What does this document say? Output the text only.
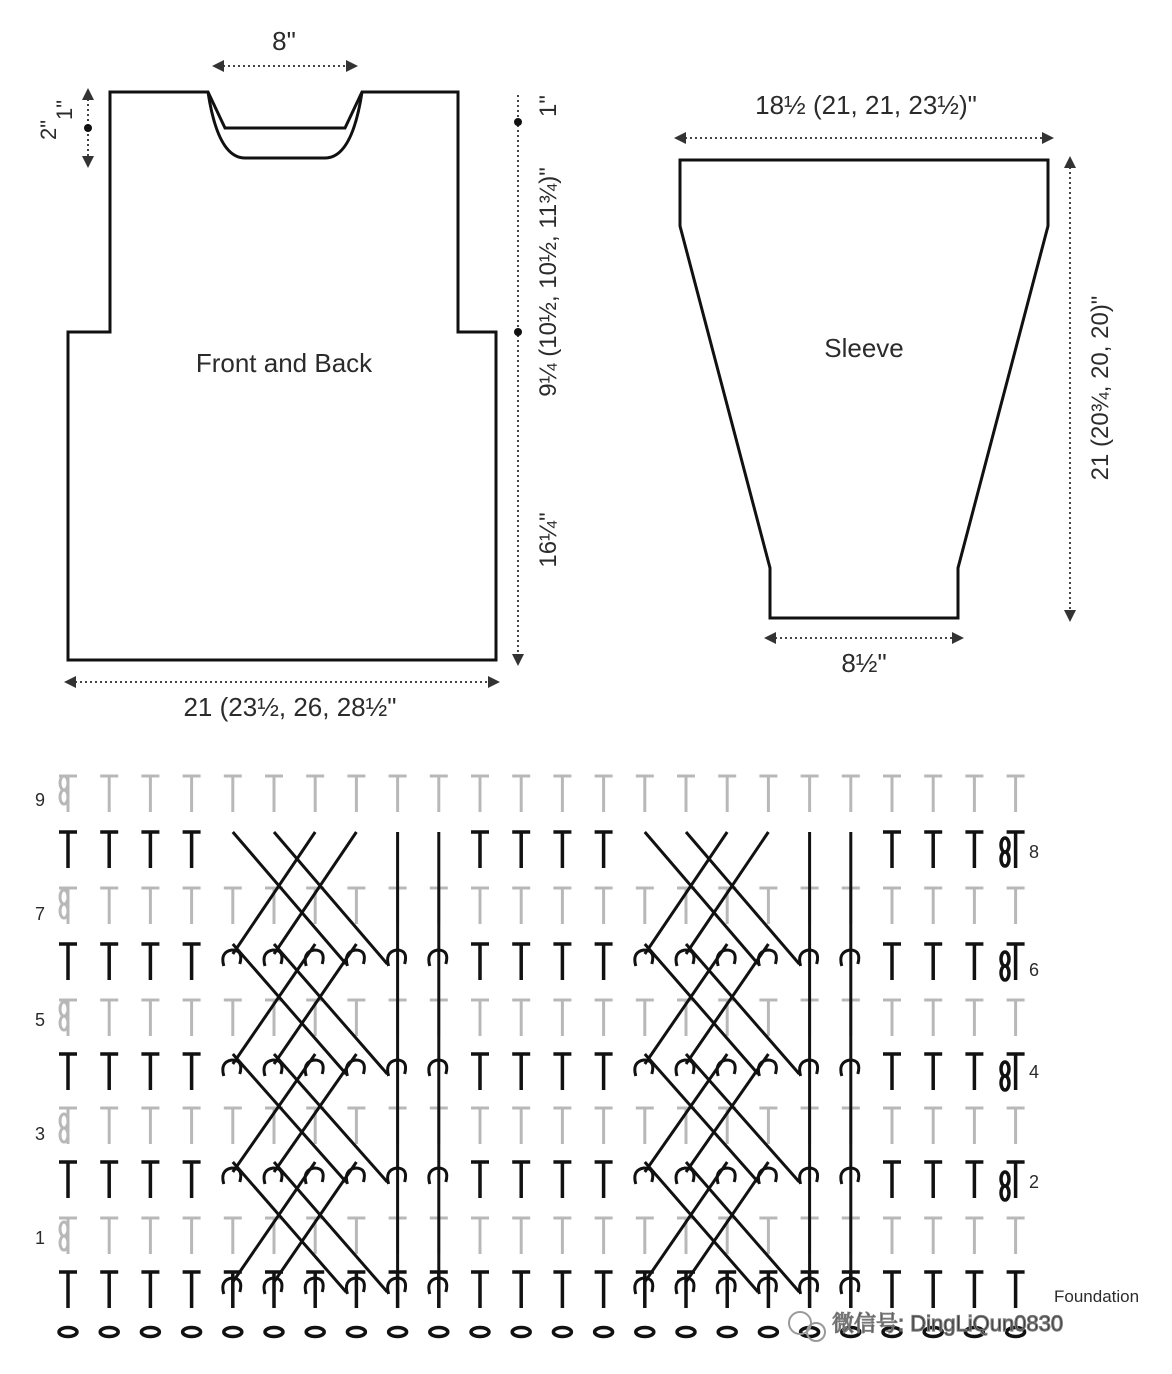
Front and Back
8"
1"
2"
1"
9¼ (10½, 10½, 11¾)"
16¼"
21 (23½, 26, 28½"
Sleeve
18½ (21, 21, 23½)"
21 (20¾, 20, 20)"
8½"
9
7
5
3
1
8
6
4
2
Foundation
微信号: DingLiQun0830
